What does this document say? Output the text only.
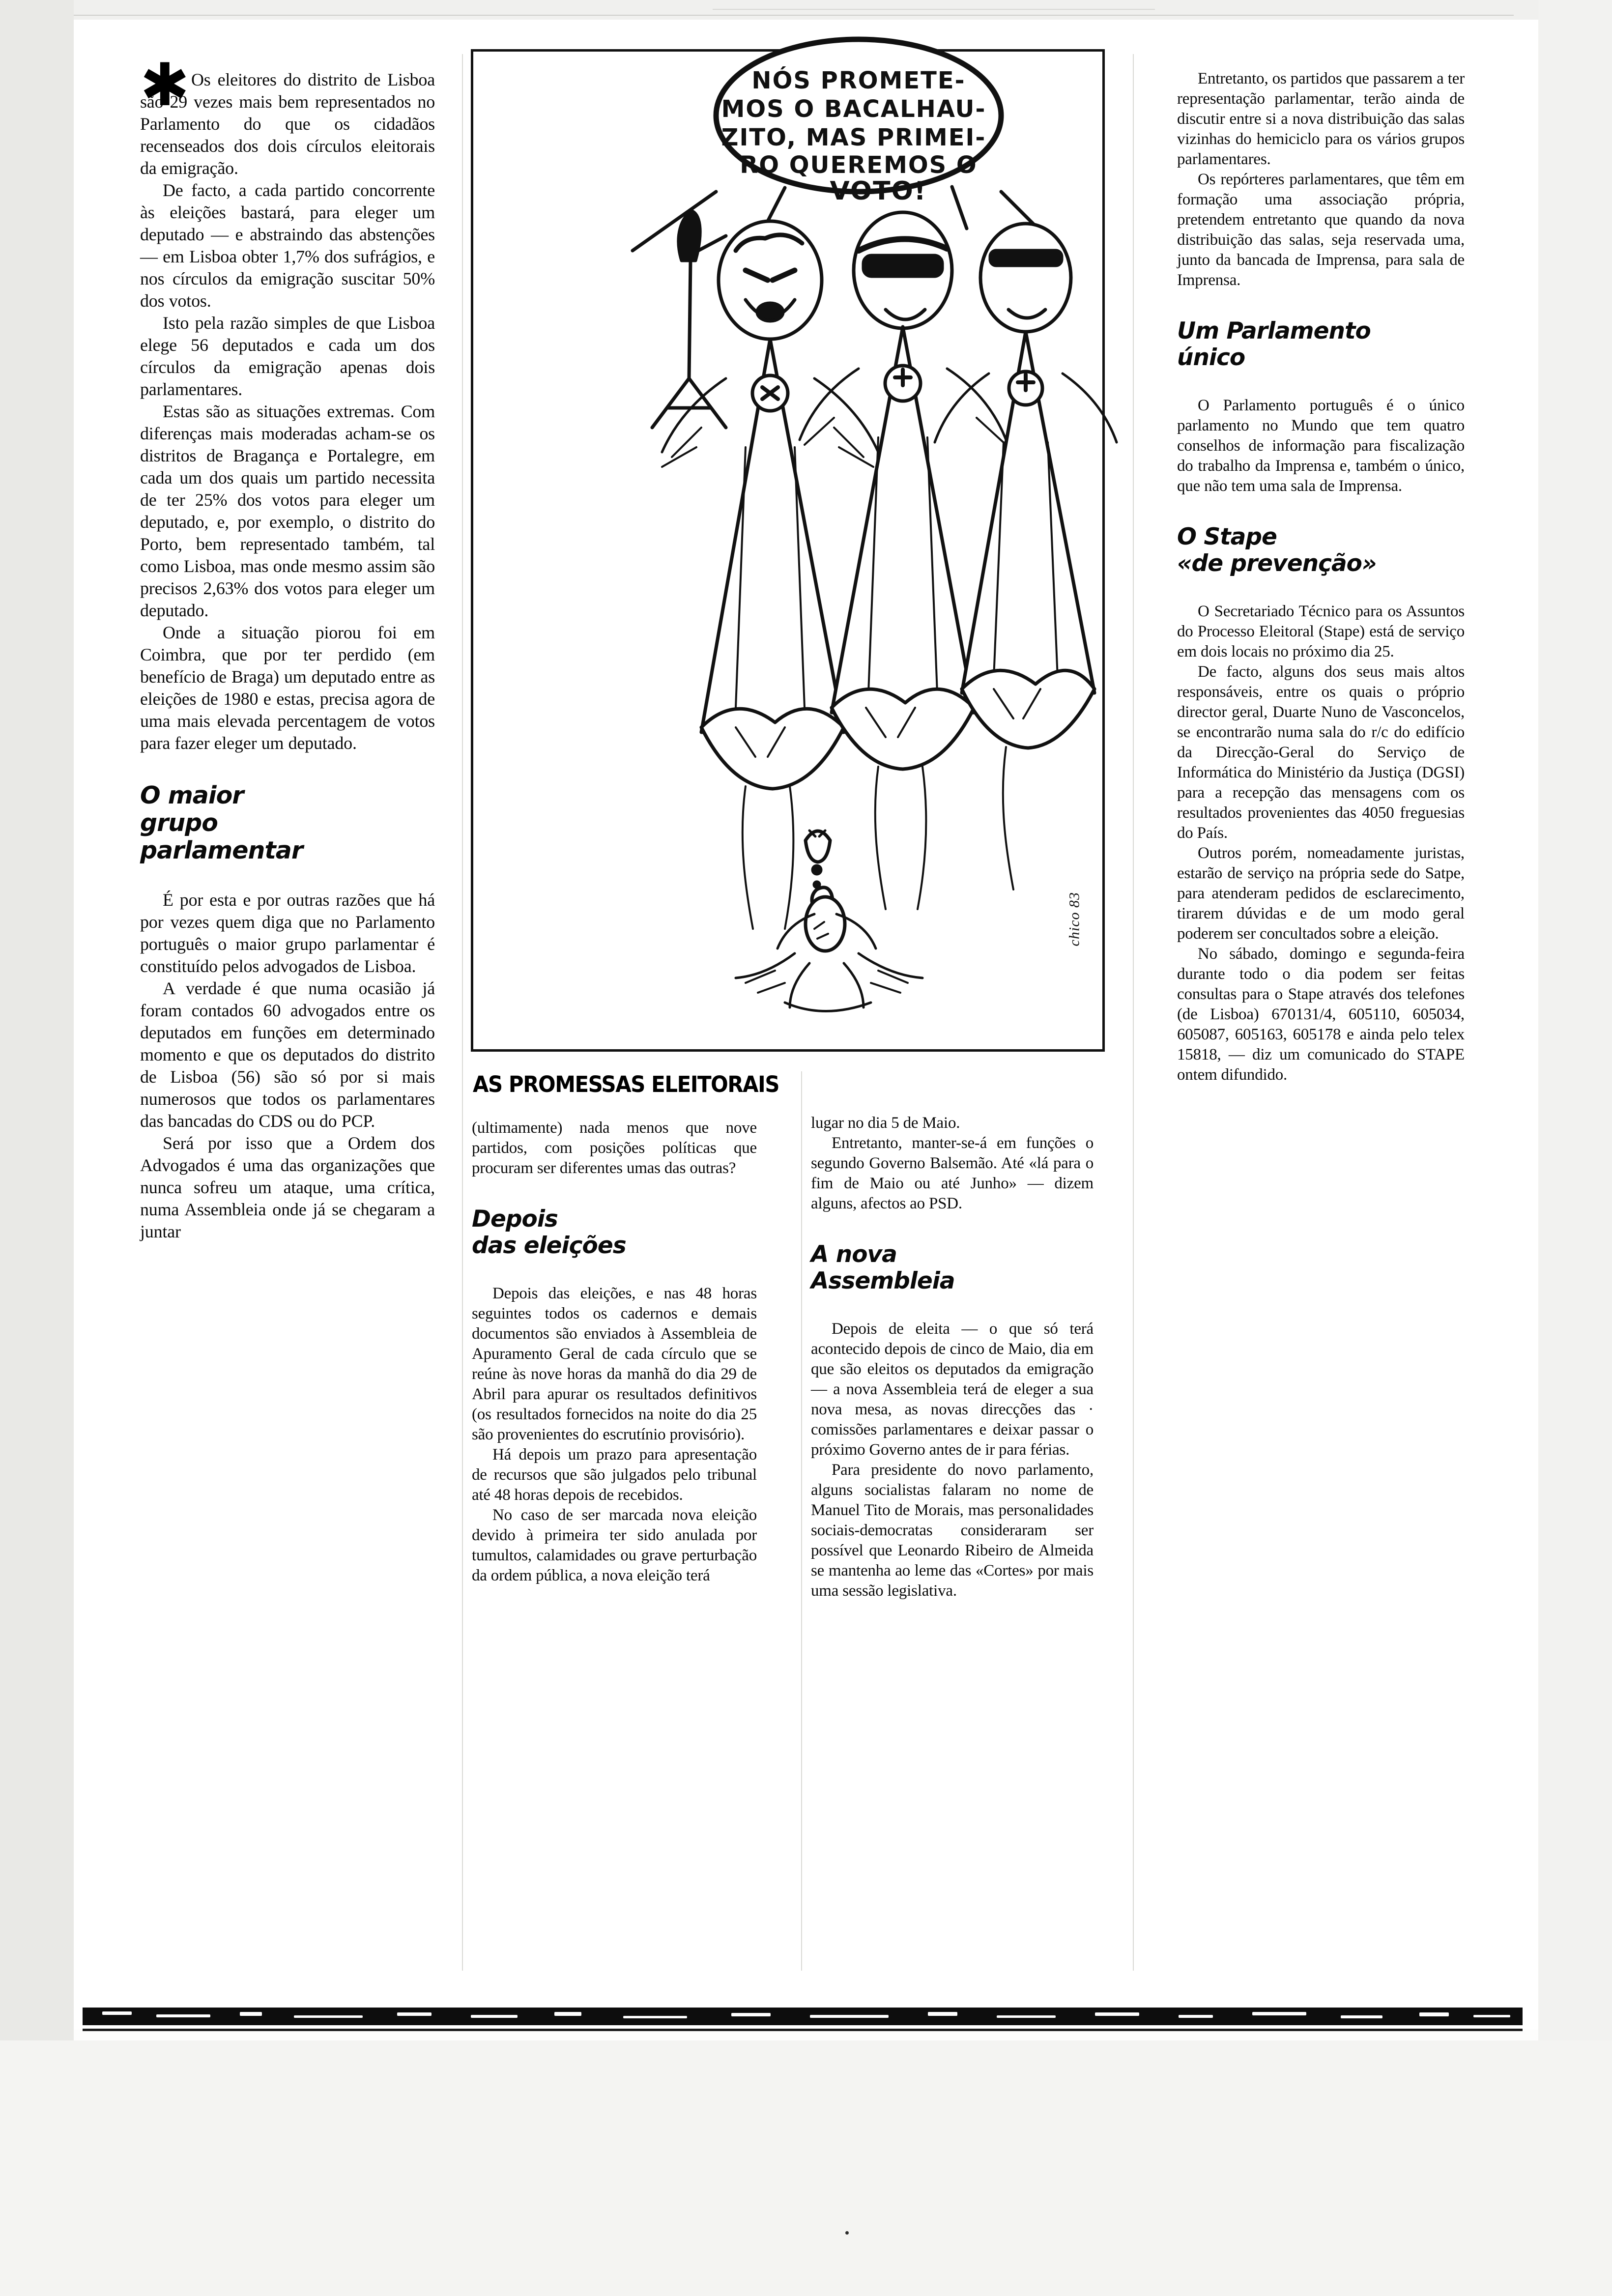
✱ Os eleitores do distrito de Lisboa são 29 vezes mais bem representados no Parlamento do que os cidadãos recenseados dos dois círculos eleitorais da emigração.

De facto, a cada partido concorrente às eleições bastará, para eleger um deputado — e abstraindo das abstenções — em Lisboa obter 1,7% dos sufrágios, e nos círculos da emigração suscitar 50% dos votos.

Isto pela razão simples de que Lisboa elege 56 deputados e cada um dos círculos da emigração apenas dois parlamentares.

Estas são as situações extremas. Com diferenças mais moderadas acham-se os distritos de Bragança e Portalegre, em cada um dos quais um partido necessita de ter 25% dos votos para eleger um deputado, e, por exemplo, o distrito do Porto, bem representado também, tal como Lisboa, mas onde mesmo assim são precisos 2,63% dos votos para eleger um deputado.

Onde a situação piorou foi em Coimbra, que por ter perdido (em benefício de Braga) um deputado entre as eleições de 1980 e estas, precisa agora de uma mais elevada percentagem de votos para fazer eleger um deputado.

O maior
grupo
parlamentar

É por esta e por outras razões que há por vezes quem diga que no Parlamento português o maior grupo parlamentar é constituído pelos advogados de Lisboa.

A verdade é que numa ocasião já foram contados 60 advogados entre os deputados em funções em determinado momento e que os deputados do distrito de Lisboa (56) são só por si mais numerosos que todos os parlamentares das bancadas do CDS ou do PCP.

Será por isso que a Ordem dos Advogados é uma das organizações que nunca sofreu um ataque, uma crítica, numa Assembleia onde já se chegaram a juntar

NÓS PROMETE-
MOS O BACALHAU-
ZITO, MAS PRIMEI-
RO QUEREMOS O
VOTO!
chico 83
AS PROMESSAS ELEITORAIS

(ultimamente) nada menos que nove partidos, com posições políticas que procuram ser diferentes umas das outras?

Depois
das eleições

Depois das eleições, e nas 48 horas seguintes todos os cadernos e demais documentos são enviados à Assembleia de Apuramento Geral de cada círculo que se reúne às nove horas da manhã do dia 29 de Abril para apurar os resultados definitivos (os resultados fornecidos na noite do dia 25 são provenientes do escrutínio provisório).

Há depois um prazo para apresentação de recursos que são julgados pelo tribunal até 48 horas depois de recebidos.

No caso de ser marcada nova eleição devido à primeira ter sido anulada por tumultos, calamidades ou grave perturbação da ordem pública, a nova eleição terá

lugar no dia 5 de Maio.

Entretanto, manter-se-á em funções o segundo Governo Balsemão. Até «lá para o fim de Maio ou até Junho» — dizem alguns, afectos ao PSD.

A nova
Assembleia

Depois de eleita — o que só terá acontecido depois de cinco de Maio, dia em que são eleitos os deputados da emigração — a nova Assembleia terá de eleger a sua nova mesa, as novas direcções das · comissões parlamentares e deixar passar o próximo Governo antes de ir para férias.

Para presidente do novo parlamento, alguns socialistas falaram no nome de Manuel Tito de Morais, mas personalidades sociais-democratas consideraram ser possível que Leonardo Ribeiro de Almeida se mantenha ao leme das «Cortes» por mais uma sessão legislativa.

Entretanto, os partidos que passarem a ter representação parlamentar, terão ainda de discutir entre si a nova distribuição das salas vizinhas do hemiciclo para os vários grupos parlamentares.

Os repórteres parlamentares, que têm em formação uma associação própria, pretendem entretanto que quando da nova distribuição das salas, seja reservada uma, junto da bancada de Imprensa, para sala de Imprensa.

Um Parlamento
único

O Parlamento português é o único parlamento no Mundo que tem quatro conselhos de informação para fiscalização do trabalho da Imprensa e, também o único, que não tem uma sala de Imprensa.

O Stape
«de prevenção»

O Secretariado Técnico para os Assuntos do Processo Eleitoral (Stape) está de serviço em dois locais no próximo dia 25.

De facto, alguns dos seus mais altos responsáveis, entre os quais o próprio director geral, Duarte Nuno de Vasconcelos, se encontrarão numa sala do r/c do edifício da Direcção-Geral do Serviço de Informática do Ministério da Justiça (DGSI) para a recepção das mensagens com os resultados provenientes das 4050 freguesias do País.

Outros porém, nomeadamente juristas, estarão de serviço na própria sede do Satpe, para atenderam pedidos de esclarecimento, tirarem dúvidas e de um modo geral poderem ser concultados sobre a eleição.

No sábado, domingo e segunda-feira durante todo o dia podem ser feitas consultas para o Stape através dos telefones (de Lisboa) 670131/4, 605110, 605034, 605087, 605163, 605178 e ainda pelo telex 15818, — diz um comunicado do STAPE ontem difundido.
